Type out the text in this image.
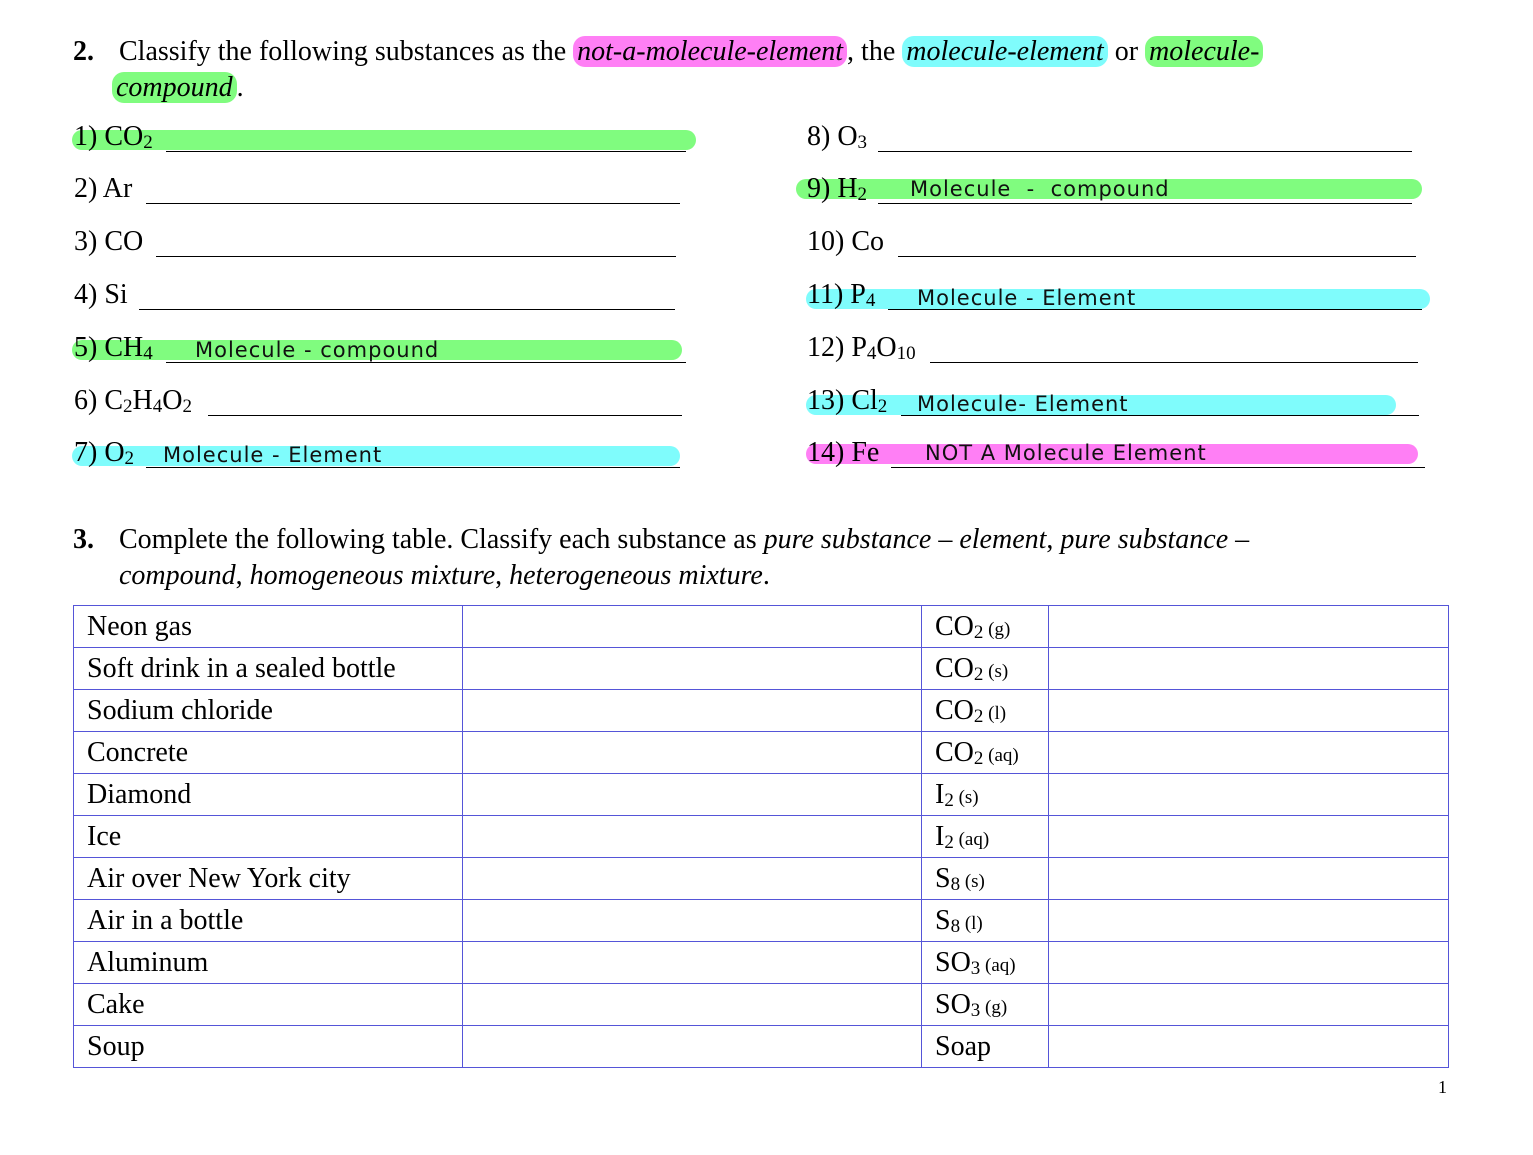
2. Classify the following substances as the not-a-molecule-element , the molecule-element or molecule-
compound .
1) $CO_2$
2) Ar
3) CO
4) Si
5) $CH_4$ Molecule - compound
6) $C_2H_4O_2$
7) $O_2$ Molecule - Element
8) $O_3$
9) $H_2$ Molecule  -  compound
10) Co
11) $P_4$ Molecule - Element
12) $P_4O_{10}$
13) $Cl_2$ Molecule- Element
14) Fe NOT A Molecule Element
3. Complete the following table. Classify each substance as pure substance – element, pure substance –
compound, homogeneous mixture, heterogeneous mixture.
Neon gas		$CO_2$ (g)	
Soft drink in a sealed bottle		$CO_2$ (s)	
Sodium chloride		$CO_2$ (l)	
Concrete		$CO_2$ (aq)	
Diamond		$I_2$ (s)	
Ice		$I_2$ (aq)	
Air over New York city		$S_8$ (s)	
Air in a bottle		$S_8$ (l)	
Aluminum		$SO_3$ (aq)	
Cake		$SO_3$ (g)	
Soup		Soap	
1
